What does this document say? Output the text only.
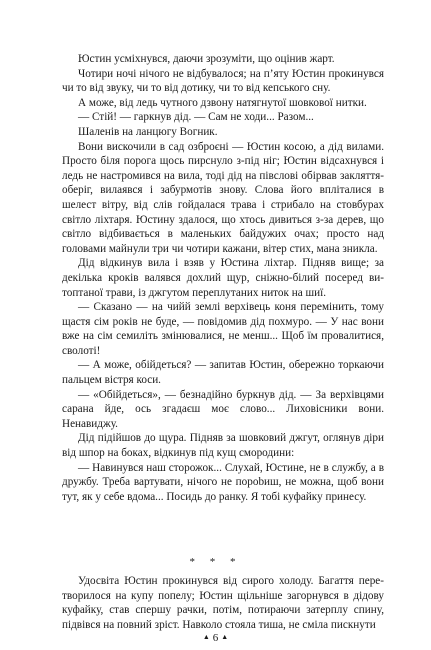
Юстин усміхнувся, даючи зрозуміти, що оцінив жарт.

Чотири ночі нічого не відбувалося; на п’яту Юстин прокинувся чи то від звуку, чи то від дотику, чи то від кепського сну.

А може, від ледь чутного дзвону натягнутої шовкової нитки.

— Стій! — гаркнув дід. — Сам не ходи... Разом...

Шаленів на ланцюгу Вогник.

Вони вискочили в сад озброєні — Юстин косою, а дід вилами. Просто біля порога щось пирснуло з-під ніг; Юстин відсахнувся і ледь не настромився на вила, тоді дід на півслові обірвав закляття-оберіг, вилаявся і забурмотів знову. Слова його впліталися в шелест вітру, від слів гойдалася трава і стрибало на стовбурах світло ліхтаря. Юстину здалося, що хтось дивиться з-за дерев, що світло відбивається в маленьких байдужих очах; просто над головами майнули три чи чотири кажани, вітер стих, мана зникла.

Дід відкинув вила і взяв у Юстина ліхтар. Підняв вище; за декілька кроків валявся дохлий щур, сніжно-білий посеред витоптаної трави, із джгутом переплутаних ниток на шиї.

— Сказано — на чийй землі верхівець коня перемінить, тому щастя сім років не буде, — повідомив дід похмуро. — У нас вони вже на сім семиліть змінювалися, не менш... Щоб їм провалитися, сволоті!

— А може, обійдеться? — запитав Юстин, обережно торкаючи пальцем вістря коси.

— «Обійдеться», — безнадійно буркнув дід. — За верхівцями сарана йде, ось згадаєш моє слово... Лиховісники вони. Ненавиджу.

Дід підійшов до щура. Підняв за шовковий джгут, оглянув діри від шпор на боках, відкинув під кущ смородини:

— Навинувся наш сторожок... Слухай, Юстине, не в службу, а в дружбу. Треба вартувати, нічого не порobиш, не можна, щоб вони тут, як у себе вдома... Посидь до ранку. Я тобі куфайку принесу.

* * *

Удосвіта Юстин прокинувся від сирого холоду. Багаття перетворилося на купу попелу; Юстин щільніше загорнувся в дідову куфайку, став спершу рачки, потім, потираючи затерплу спину, підвівся на повний зріст. Навколо стояла тиша, не сміла пискнути

▲ 6 ▲
